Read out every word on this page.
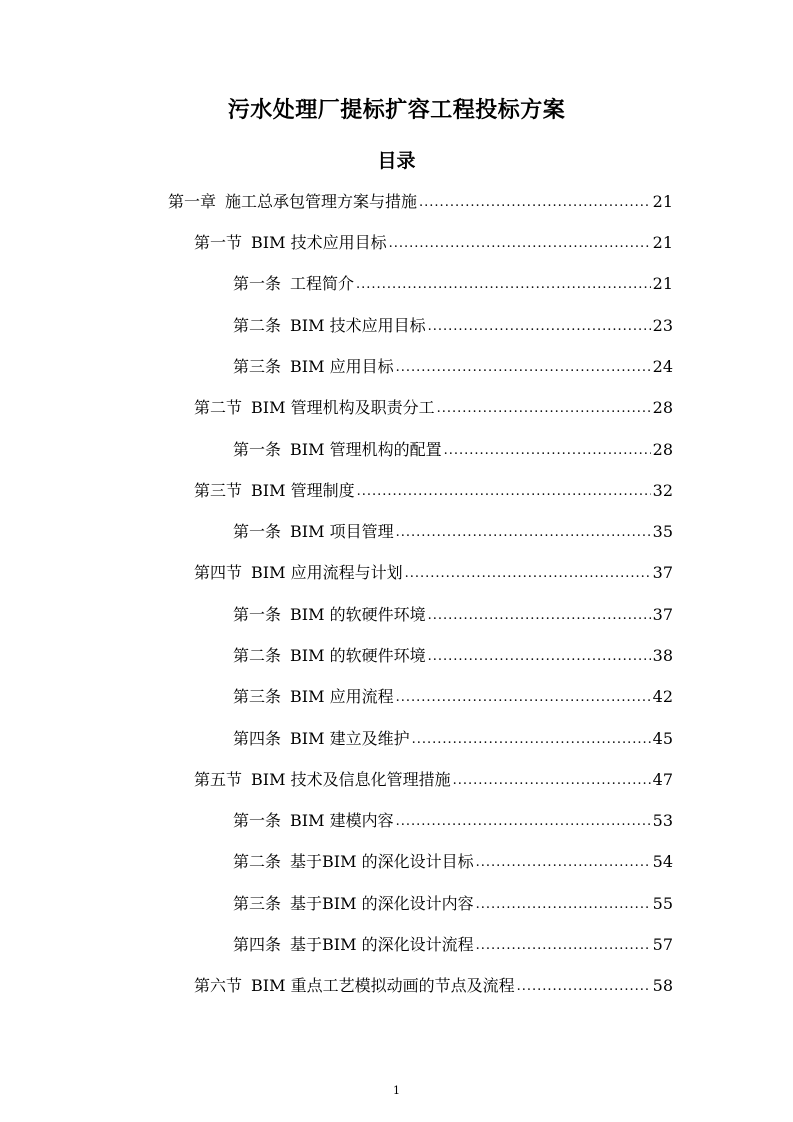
污水处理厂提标扩容工程投标方案
目录
第一章 施工总承包管理方案与措施 .....	21
第一节 BIM 技术应用目标 .....	21
第一条 工程简介 .....	21
第二条 BIM 技术应用目标 .....	23
第三条 BIM 应用目标 .....	24
第二节 BIM 管理机构及职责分工 .....	28
第一条 BIM 管理机构的配置 .....	28
第三节 BIM 管理制度 .....	32
第一条 BIM 项目管理 .....	35
第四节 BIM 应用流程与计划 .....	37
第一条 BIM 的软硬件环境 .....	37
第二条 BIM 的软硬件环境 .....	38
第三条 BIM 应用流程 .....	42
第四条 BIM 建立及维护 .....	45
第五节 BIM 技术及信息化管理措施 .....	47
第一条 BIM 建模内容 .....	53
第二条 基于BIM 的深化设计目标 .....	54
第三条 基于BIM 的深化设计内容 .....	55
第四条 基于BIM 的深化设计流程 .....	57
第六节 BIM 重点工艺模拟动画的节点及流程 .....	58
1
